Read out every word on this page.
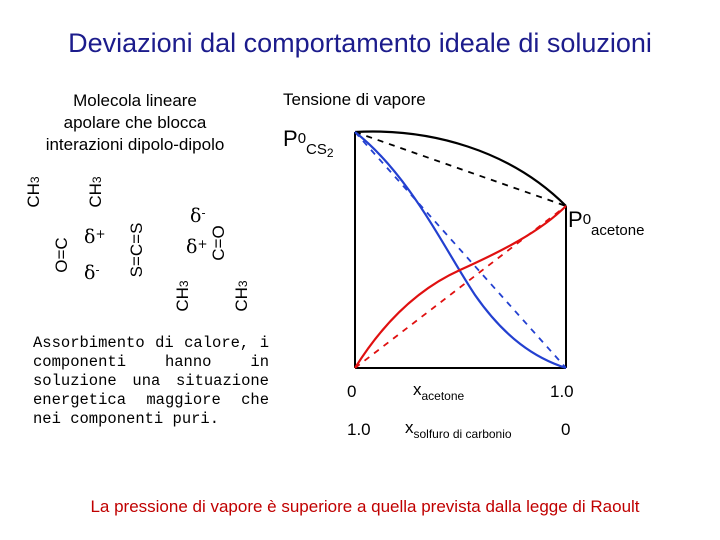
Deviazioni dal comportamento ideale di soluzioni
Molecola lineare
apolare che blocca
interazioni dipolo-dipolo
Tensione di vapore
$P^0_{CS_2}$
$P^0_{acetone}$
CH3
CH3
O=C	S=C=S
CH3
CH3
C=O
δ+
δ-
δ-
δ+
Assorbimento di calore, i componenti hanno in soluzione una situazione energetica maggiore che nei componenti puri.
0	$x_{acetone}$	1.0
1.0 $x_{solfuro di carbonio}$	0
La pressione di vapore è superiore a quella prevista dalla legge di Raoult
